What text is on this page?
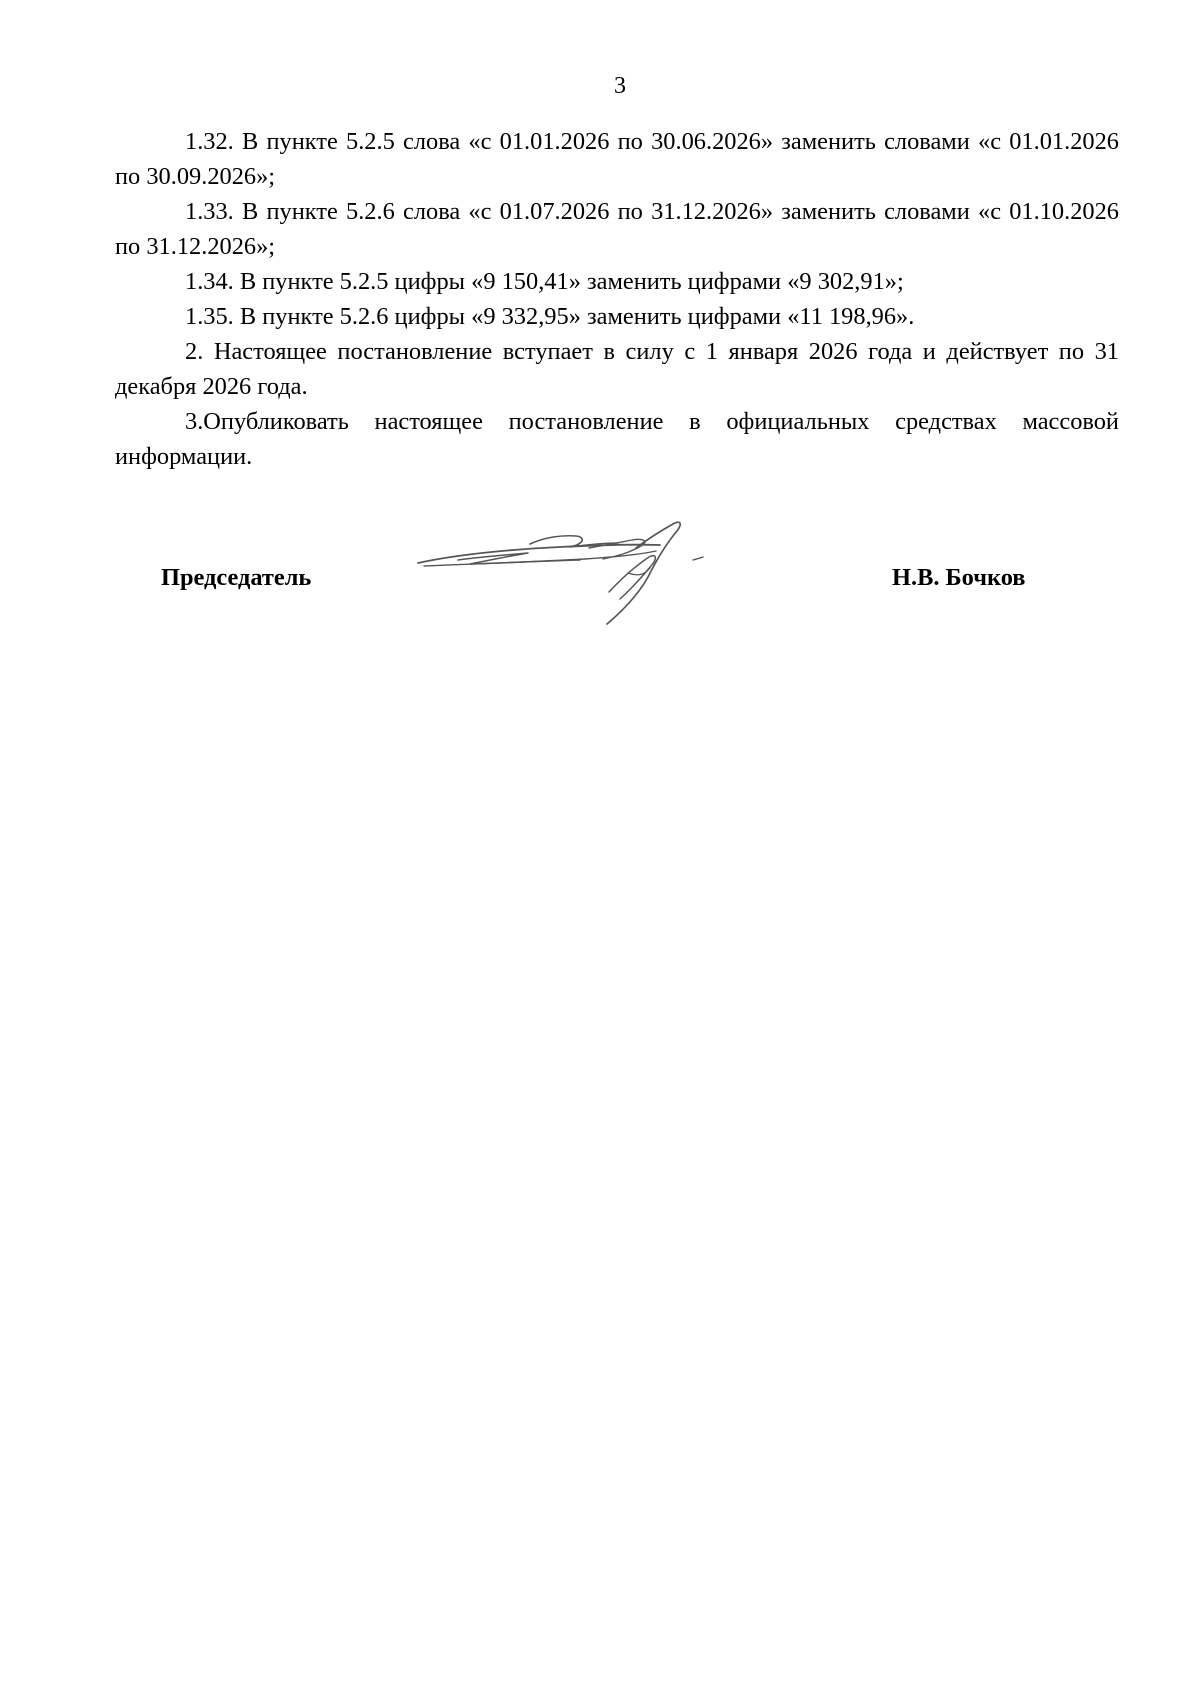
3

1.32. В пункте 5.2.5 слова «с 01.01.2026 по 30.06.2026» заменить словами «с 01.01.2026 по 30.09.2026»;

1.33. В пункте 5.2.6 слова «с 01.07.2026 по 31.12.2026» заменить словами «с 01.10.2026 по 31.12.2026»;

1.34. В пункте 5.2.5 цифры «9 150,41» заменить цифрами «9 302,91»;

1.35. В пункте 5.2.6 цифры «9 332,95» заменить цифрами «11 198,96».

2. Настоящее постановление вступает в силу с 1 января 2026 года и действует по 31 декабря 2026 года.

3.Опубликовать настоящее постановление в официальных средствах массовой информации.

Председатель	Н.В. Бочков
